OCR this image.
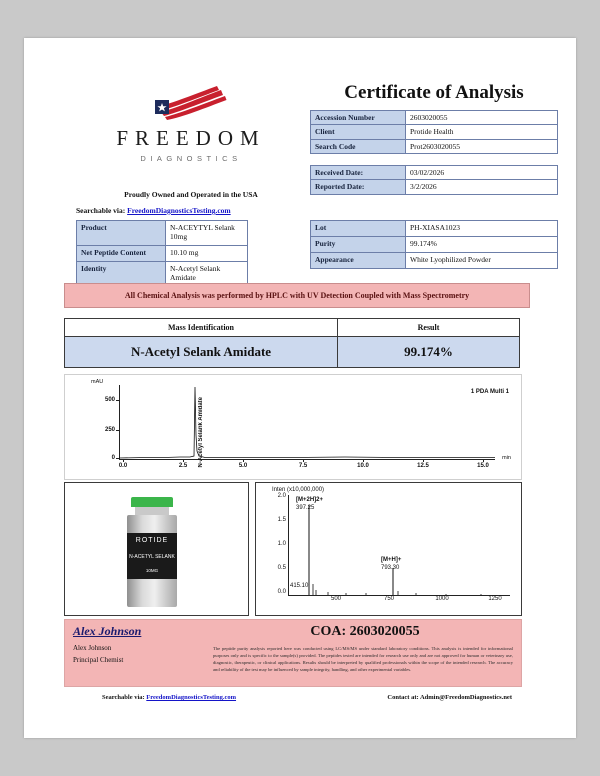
FREEDOM
DIAGNOSTICS
Proudly Owned and Operated in the USA
Searchable via: FreedomDiagnosticsTesting.com
Certificate of Analysis
Accession Number	2603020055
Client	Protide Health
Search Code	Prot2603020055
Received Date:	03/02/2026
Reported Date:	3/2/2026
Product	N-ACEYTYL Selank 10mg
Net Peptide Content	10.10 mg
Identity	N-Acetyl Selank Amidate
Lot	PH-XIASA1023
Purity	99.174%
Appearance	White Lyophilized Powder
All Chemical Analysis was performed by HPLC with UV Detection Coupled with Mass Spectrometry
Mass Identification	Result
N-Acetyl Selank Amidate	99.174%
mAU
500
250
0
0.0	2.5	5.0	7.5	10.0	12.5	15.0
min
1 PDA Multi 1
N-Acetyl Selank Amidate
ROTIDE
N-ACETYL SELANK
10MG
Inten (x10,000,000)
0.0
0.5
1.0
1.5
2.0
500	750	1000	1250
[M+2H]2+
397.25
[M+H]+
793.30
415.10
Alex Johnson
Alex Johnson
Principal Chemist
COA: 2603020055
The peptide purity analysis reported here was conducted using LC/MS/MS under standard laboratory conditions. This analysis is intended for informational purposes only and is specific to the sample(s) provided. The peptides tested are intended for research use only and are not approved for human or veterinary use, diagnostic, therapeutic, or clinical applications. Results should be interpreted by qualified professionals within the scope of the intended research. The accuracy and reliability of the test may be influenced by sample integrity, handling, and other experimental variables.
Searchable via: FreedomDiagnosticsTesting.com	Contact at: Admin@FreedomDiagnostics.net
